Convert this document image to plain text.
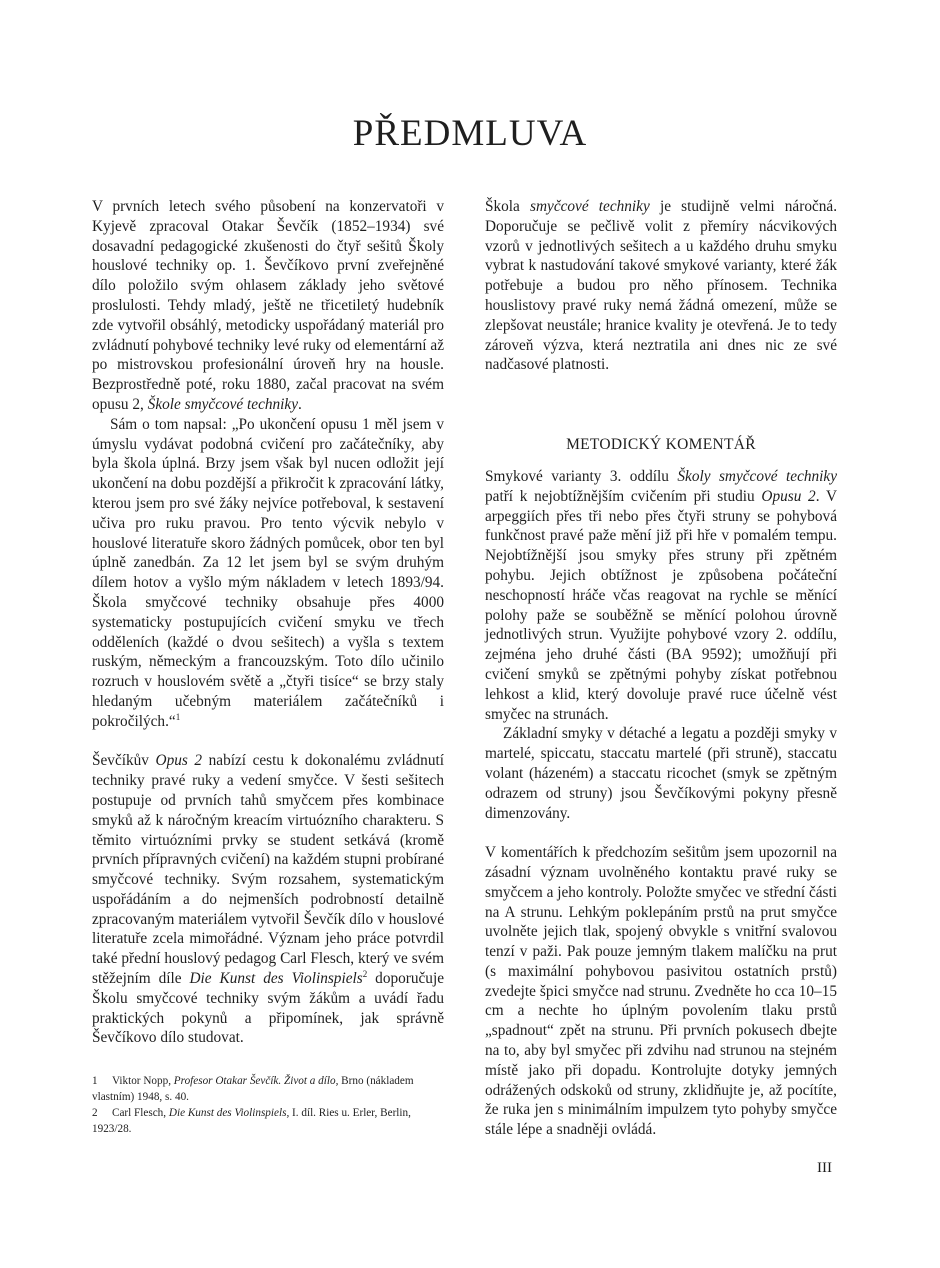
PŘEDMLUVA

V prvních letech svého působení na konzervatoři v Kyjevě zpracoval Otakar Ševčík (1852–1934) své dosavadní pedagogické zkušenosti do čtyř sešitů Školy houslové techniky op. 1. Ševčíkovo první zveřejněné dílo položilo svým ohlasem základy jeho světové proslulosti. Tehdy mladý, ještě ne třicetiletý hudebník zde vytvořil obsáhlý, metodicky uspořádaný materiál pro zvládnutí pohybové techniky levé ruky od elementární až po mistrovskou profesionální úroveň hry na housle. Bezprostředně poté, roku 1880, začal pracovat na svém opusu 2, Škole smyčcové techniky.

Sám o tom napsal: „Po ukončení opusu 1 měl jsem v úmyslu vydávat podobná cvičení pro začátečníky, aby byla škola úplná. Brzy jsem však byl nucen odložit její ukončení na dobu pozdější a přikročit k zpracování látky, kterou jsem pro své žáky nejvíce potřeboval, k sestavení učiva pro ruku pravou. Pro tento výcvik nebylo v houslové literatuře skoro žádných pomůcek, obor ten byl úplně zanedbán. Za 12 let jsem byl se svým druhým dílem hotov a vyšlo mým nákladem v letech 1893/94. Škola smyčcové techniky obsahuje přes 4000 systematicky postupujících cvičení smyku ve třech odděleních (každé o dvou sešitech) a vyšla s textem ruským, německým a francouzským. Toto dílo učinilo rozruch v houslovém světě a „čtyři tisíce“ se brzy staly hledaným učebným materiálem začátečníků i pokročilých.“$^1$

Ševčíkův Opus 2 nabízí cestu k dokonalému zvládnutí techniky pravé ruky a vedení smyčce. V šesti sešitech postupuje od prvních tahů smyčcem přes kombinace smyků až k náročným kreacím virtuózního charakteru. S těmito virtuózními prvky se student setkává (kromě prvních přípravných cvičení) na každém stupni probírané smyčcové techniky. Svým rozsahem, systematickým uspořádáním a do nejmenších podrobností detailně zpracovaným materiálem vytvořil Ševčík dílo v houslové literatuře zcela mimořádné. Význam jeho práce potvrdil také přední houslový pedagog Carl Flesch, který ve svém stěžejním díle Die Kunst des Violinspiels$^2$ doporučuje Školu smyčcové techniky svým žákům a uvádí řadu praktických pokynů a připomínek, jak správně Ševčíkovo dílo studovat.

1 Viktor Nopp, Profesor Otakar Ševčík. Život a dílo, Brno (nákladem vlastním) 1948, s. 40.

2 Carl Flesch, Die Kunst des Violinspiels, I. díl. Ries u. Erler, Berlin, 1923/28.

Škola smyčcové techniky je studijně velmi náročná. Doporučuje se pečlivě volit z přemíry nácvikových vzorů v jednotlivých sešitech a u každého druhu smyku vybrat k nastudování takové smykové varianty, které žák potřebuje a budou pro něho přínosem. Technika houslistovy pravé ruky nemá žádná omezení, může se zlepšovat neustále; hranice kvality je otevřená. Je to tedy zároveň výzva, která neztratila ani dnes nic ze své nadčasové platnosti.

METODICKÝ KOMENTÁŘ

Smykové varianty 3. oddílu Školy smyčcové techniky patří k nejobtížnějším cvičením při studiu Opusu 2. V arpeggiích přes tři nebo přes čtyři struny se pohybová funkčnost pravé paže mění již při hře v pomalém tempu. Nejobtížnější jsou smyky přes struny při zpětném pohybu. Jejich obtížnost je způsobena počáteční neschopností hráče včas reagovat na rychle se měnící polohy paže se souběžně se měnící polohou úrovně jednotlivých strun. Využijte pohybové vzory 2. oddílu, zejména jeho druhé části (BA 9592); umožňují při cvičení smyků se zpětnými pohyby získat potřebnou lehkost a klid, který dovoluje pravé ruce účelně vést smyčec na strunách.

Základní smyky v détaché a legatu a později smyky v martelé, spiccatu, staccatu martelé (při struně), staccatu volant (házeném) a staccatu ricochet (smyk se zpětným odrazem od struny) jsou Ševčíkovými pokyny přesně dimenzovány.

V komentářích k předchozím sešitům jsem upozornil na zásadní význam uvolněného kontaktu pravé ruky se smyčcem a jeho kontroly. Položte smyčec ve střední části na A strunu. Lehkým poklepáním prstů na prut smyčce uvolněte jejich tlak, spojený obvykle s vnitřní svalovou tenzí v paži. Pak pouze jemným tlakem malíčku na prut (s maximální pohybovou pasivitou ostatních prstů) zvedejte špici smyčce nad strunu. Zvedněte ho cca 10–15 cm a nechte ho úplným povolením tlaku prstů „spadnout“ zpět na strunu. Při prvních pokusech dbejte na to, aby byl smyčec při zdvihu nad strunou na stejném místě jako při dopadu. Kontrolujte dotyky jemných odrážených odskoků od struny, zklidňujte je, až pocítíte, že ruka jen s minimálním impulzem tyto pohyby smyčce stále lépe a snadněji ovládá.

III
